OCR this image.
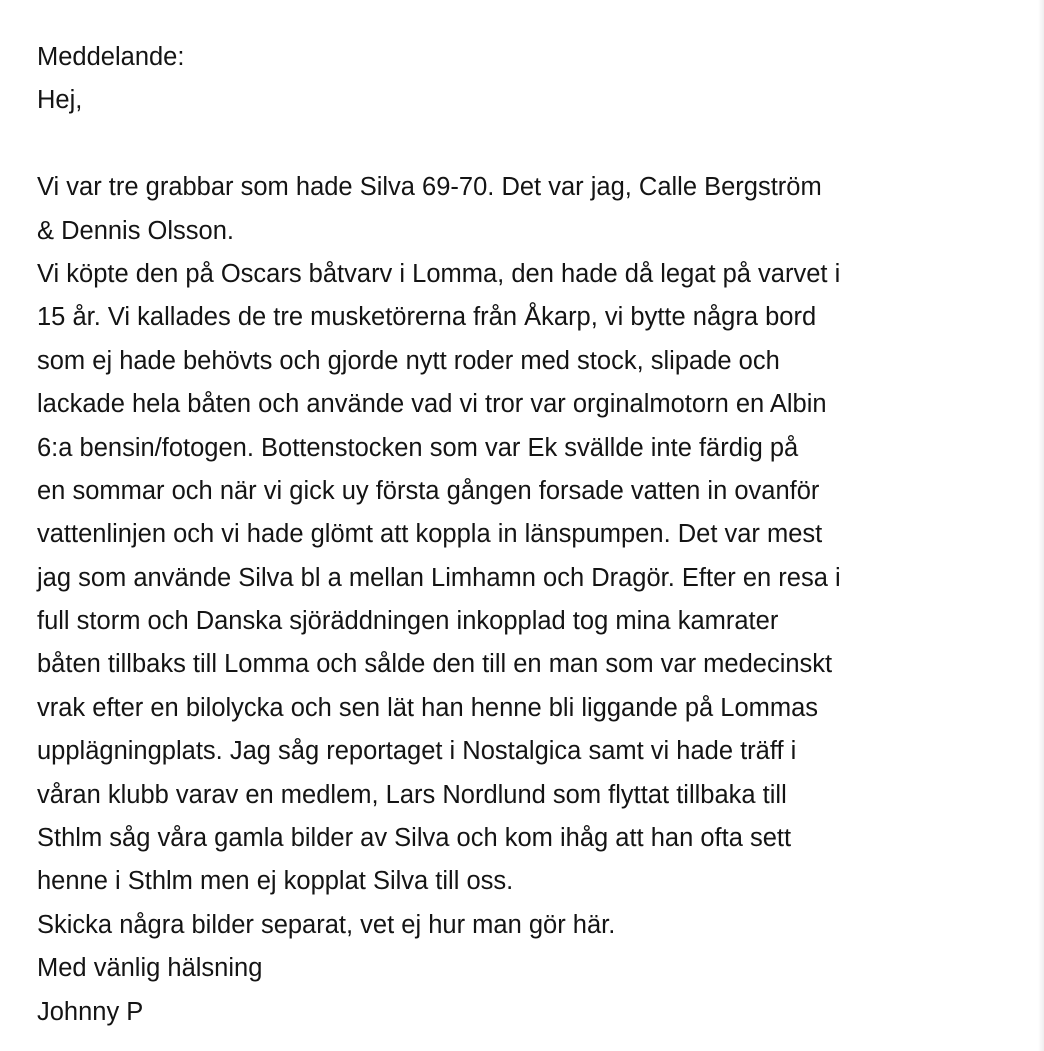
Meddelande:
Hej,
Vi var tre grabbar som hade Silva 69-70. Det var jag, Calle Bergström
& Dennis Olsson.
Vi köpte den på Oscars båtvarv i Lomma, den hade då legat på varvet i
15 år. Vi kallades de tre musketörerna från Åkarp, vi bytte några bord
som ej hade behövts och gjorde nytt roder med stock, slipade och
lackade hela båten och använde vad vi tror var orginalmotorn en Albin
6:a bensin/fotogen. Bottenstocken som var Ek svällde inte färdig på
en sommar och när vi gick uy första gången forsade vatten in ovanför
vattenlinjen och vi hade glömt att koppla in länspumpen. Det var mest
jag som använde Silva bl a mellan Limhamn och Dragör. Efter en resa i
full storm och Danska sjöräddningen inkopplad tog mina kamrater
båten tillbaks till Lomma och sålde den till en man som var medecinskt
vrak efter en bilolycka och sen lät han henne bli liggande på Lommas
upplägningplats. Jag såg reportaget i Nostalgica samt vi hade träff i
våran klubb varav en medlem, Lars Nordlund som flyttat tillbaka till
Sthlm såg våra gamla bilder av Silva och kom ihåg att han ofta sett
henne i Sthlm men ej kopplat Silva till oss.
Skicka några bilder separat, vet ej hur man gör här.
Med vänlig hälsning
Johnny P
